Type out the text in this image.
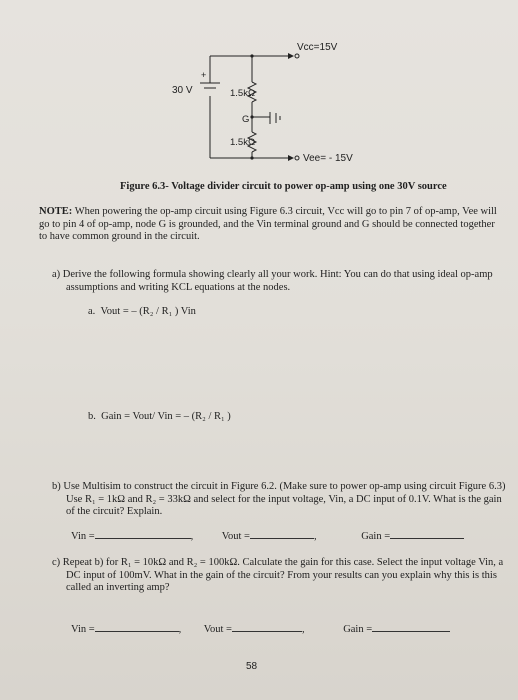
Vcc=15V
+
30 V	1.5kΩ
G
1.5kΩ
Vee= - 15V
Figure 6.3- Voltage divider circuit to power op-amp using one 30V source
NOTE: When powering the op-amp circuit using Figure 6.3 circuit, Vcc will go to pin 7 of op-amp, Vee will go to pin 4 of op-amp, node G is grounded, and the Vin terminal ground and G should be connected together to have common ground in the circuit.
a) Derive the following formula showing clearly all your work. Hint: You can do that using ideal op-amp assumptions and writing KCL equations at the nodes.
a. Vout = – (R₂ / R₁ ) Vin
b. Gain = Vout/ Vin = – (R₂ / R₁ )
b) Use Multisim to construct the circuit in Figure 6.2. (Make sure to power op-amp using circuit Figure 6.3) Use R₁ = 1kΩ and R₂ = 33kΩ and select for the input voltage, Vin, a DC input of 0.1V. What is the gain of the circuit? Explain.
Vin =	,	Vout =	,	Gain =
c) Repeat b) for R₁ = 10kΩ and R₂ = 100kΩ. Calculate the gain for this case. Select the input voltage Vin, a DC input of 100mV. What in the gain of the circuit? From your results can you explain why this is this called an inverting amp?
Vin =	, Vout =	,	Gain =
58
